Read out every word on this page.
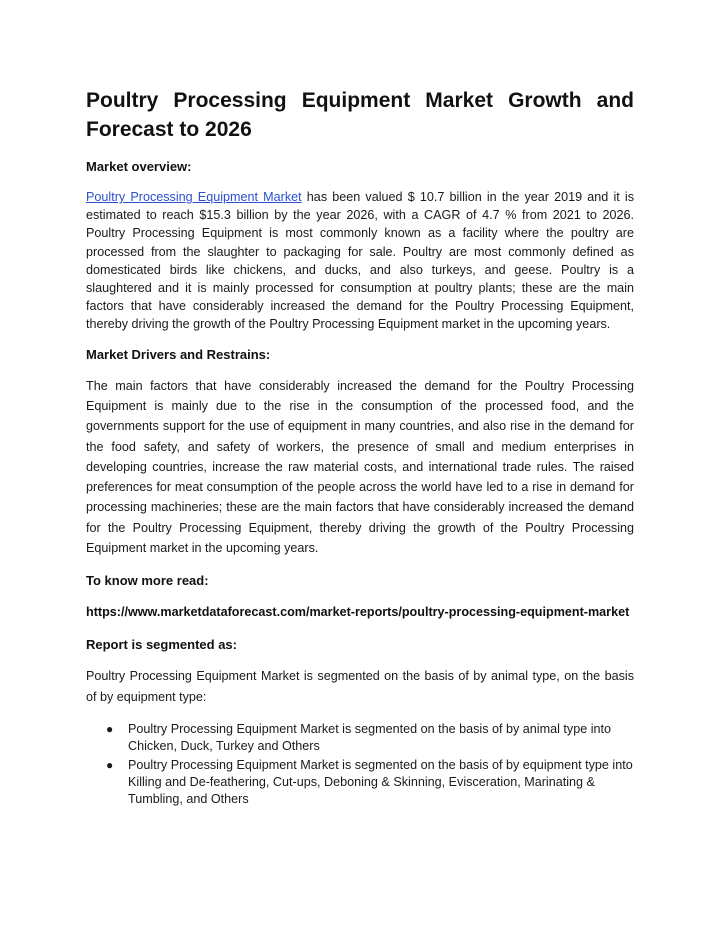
Poultry Processing Equipment Market Growth and Forecast to 2026
Market overview:

Poultry Processing Equipment Market has been valued $ 10.7 billion in the year 2019 and it is estimated to reach $15.3 billion by the year 2026, with a CAGR of 4.7 % from 2021 to 2026. Poultry Processing Equipment is most commonly known as a facility where the poultry are processed from the slaughter to packaging for sale. Poultry are most commonly defined as domesticated birds like chickens, and ducks, and also turkeys, and geese. Poultry is a slaughtered and it is mainly processed for consumption at poultry plants; these are the main factors that have considerably increased the demand for the Poultry Processing Equipment, thereby driving the growth of the Poultry Processing Equipment market in the upcoming years.

Market Drivers and Restrains:

The main factors that have considerably increased the demand for the Poultry Processing Equipment is mainly due to the rise in the consumption of the processed food, and the governments support for the use of equipment in many countries, and also rise in the demand for the food safety, and safety of workers, the presence of small and medium enterprises in developing countries, increase the raw material costs, and international trade rules. The raised preferences for meat consumption of the people across the world have led to a rise in demand for processing machineries; these are the main factors that have considerably increased the demand for the Poultry Processing Equipment, thereby driving the growth of the Poultry Processing Equipment market in the upcoming years.

To know more read:
https://www.marketdataforecast.com/market-reports/poultry-processing-equipment-market
Report is segmented as:

Poultry Processing Equipment Market is segmented on the basis of by animal type, on the basis of by equipment type:

● Poultry Processing Equipment Market is segmented on the basis of by animal type into Chicken, Duck, Turkey and Others
● Poultry Processing Equipment Market is segmented on the basis of by equipment type into Killing and De-feathering, Cut-ups, Deboning & Skinning, Evisceration, Marinating & Tumbling, and Others
